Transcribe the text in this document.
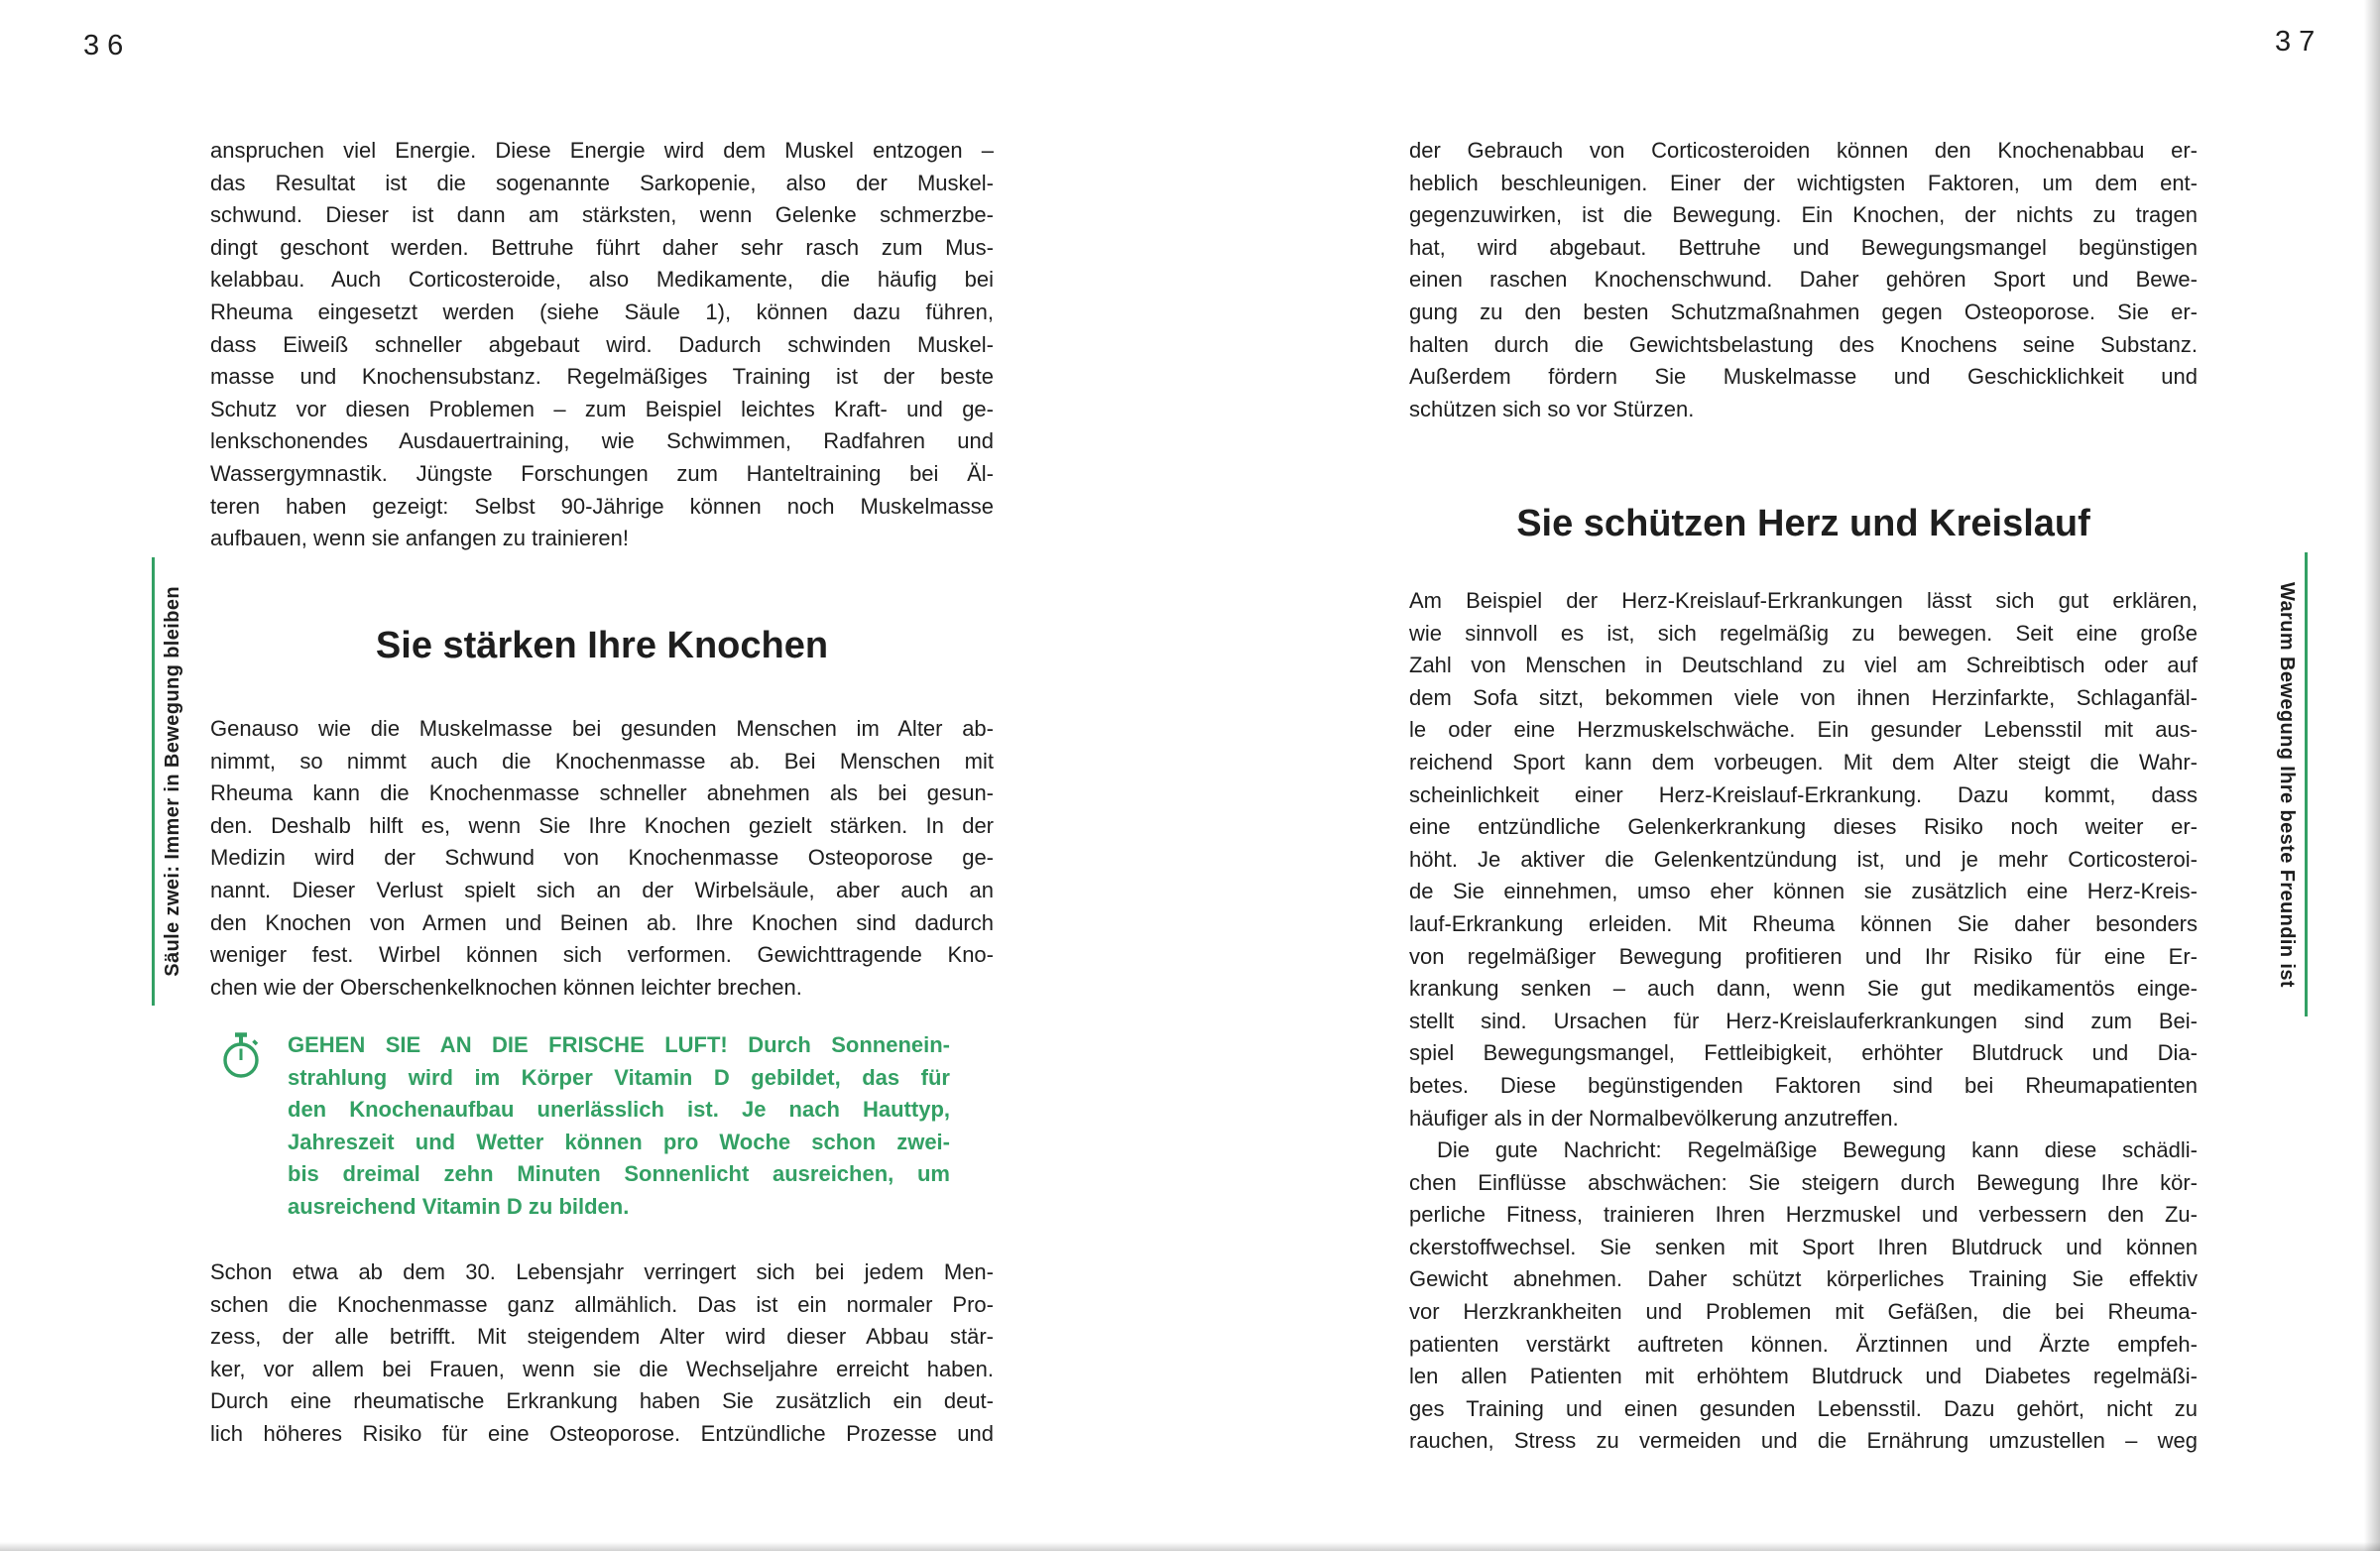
36
Säule zwei: Immer in Bewegung bleiben
anspruchen viel Energie. Diese Energie wird dem Muskel entzogen –
das Resultat ist die sogenannte Sarkopenie, also der Muskel-
schwund. Dieser ist dann am stärksten, wenn Gelenke schmerzbe-
dingt geschont werden. Bettruhe führt daher sehr rasch zum Mus-
kelabbau. Auch Corticosteroide, also Medikamente, die häufig bei
Rheuma eingesetzt werden (siehe Säule 1), können dazu führen,
dass Eiweiß schneller abgebaut wird. Dadurch schwinden Muskel-
masse und Knochensubstanz. Regelmäßiges Training ist der beste
Schutz vor diesen Problemen – zum Beispiel leichtes Kraft- und ge-
lenkschonendes Ausdauertraining, wie Schwimmen, Radfahren und
Wassergymnastik. Jüngste Forschungen zum Hanteltraining bei Äl-
teren haben gezeigt: Selbst 90-Jährige können noch Muskelmasse
aufbauen, wenn sie anfangen zu trainieren!
Sie stärken Ihre Knochen
Genauso wie die Muskelmasse bei gesunden Menschen im Alter ab-
nimmt, so nimmt auch die Knochenmasse ab. Bei Menschen mit
Rheuma kann die Knochenmasse schneller abnehmen als bei gesun-
den. Deshalb hilft es, wenn Sie Ihre Knochen gezielt stärken. In der
Medizin wird der Schwund von Knochenmasse Osteoporose ge-
nannt. Dieser Verlust spielt sich an der Wirbelsäule, aber auch an
den Knochen von Armen und Beinen ab. Ihre Knochen sind dadurch
weniger fest. Wirbel können sich verformen. Gewichttragende Kno-
chen wie der Oberschenkelknochen können leichter brechen.
GEHEN SIE AN DIE FRISCHE LUFT! Durch Sonnenein-
strahlung wird im Körper Vitamin D gebildet, das für
den Knochenaufbau unerlässlich ist. Je nach Hauttyp,
Jahreszeit und Wetter können pro Woche schon zwei-
bis dreimal zehn Minuten Sonnenlicht ausreichen, um
ausreichend Vitamin D zu bilden.
Schon etwa ab dem 30. Lebensjahr verringert sich bei jedem Men-
schen die Knochenmasse ganz allmählich. Das ist ein normaler Pro-
zess, der alle betrifft. Mit steigendem Alter wird dieser Abbau stär-
ker, vor allem bei Frauen, wenn sie die Wechseljahre erreicht haben.
Durch eine rheumatische Erkrankung haben Sie zusätzlich ein deut-
lich höheres Risiko für eine Osteoporose. Entzündliche Prozesse und
37
Warum Bewegung Ihre beste Freundin ist
der Gebrauch von Corticosteroiden können den Knochenabbau er-
heblich beschleunigen. Einer der wichtigsten Faktoren, um dem ent-
gegenzuwirken, ist die Bewegung. Ein Knochen, der nichts zu tragen
hat, wird abgebaut. Bettruhe und Bewegungsmangel begünstigen
einen raschen Knochenschwund. Daher gehören Sport und Bewe-
gung zu den besten Schutzmaßnahmen gegen Osteoporose. Sie er-
halten durch die Gewichtsbelastung des Knochens seine Substanz.
Außerdem fördern Sie Muskelmasse und Geschicklichkeit und
schützen sich so vor Stürzen.
Sie schützen Herz und Kreislauf
Am Beispiel der Herz-Kreislauf-Erkrankungen lässt sich gut erklären,
wie sinnvoll es ist, sich regelmäßig zu bewegen. Seit eine große
Zahl von Menschen in Deutschland zu viel am Schreibtisch oder auf
dem Sofa sitzt, bekommen viele von ihnen Herzinfarkte, Schlaganfäl-
le oder eine Herzmuskelschwäche. Ein gesunder Lebensstil mit aus-
reichend Sport kann dem vorbeugen. Mit dem Alter steigt die Wahr-
scheinlichkeit einer Herz-Kreislauf-Erkrankung. Dazu kommt, dass
eine entzündliche Gelenkerkrankung dieses Risiko noch weiter er-
höht. Je aktiver die Gelenkentzündung ist, und je mehr Corticosteroi-
de Sie einnehmen, umso eher können sie zusätzlich eine Herz-Kreis-
lauf-Erkrankung erleiden. Mit Rheuma können Sie daher besonders
von regelmäßiger Bewegung profitieren und Ihr Risiko für eine Er-
krankung senken – auch dann, wenn Sie gut medikamentös einge-
stellt sind. Ursachen für Herz-Kreislauferkrankungen sind zum Bei-
spiel Bewegungsmangel, Fettleibigkeit, erhöhter Blutdruck und Dia-
betes. Diese begünstigenden Faktoren sind bei Rheumapatienten
häufiger als in der Normalbevölkerung anzutreffen.
Die gute Nachricht: Regelmäßige Bewegung kann diese schädli-
chen Einflüsse abschwächen: Sie steigern durch Bewegung Ihre kör-
perliche Fitness, trainieren Ihren Herzmuskel und verbessern den Zu-
ckerstoffwechsel. Sie senken mit Sport Ihren Blutdruck und können
Gewicht abnehmen. Daher schützt körperliches Training Sie effektiv
vor Herzkrankheiten und Problemen mit Gefäßen, die bei Rheuma-
patienten verstärkt auftreten können. Ärztinnen und Ärzte empfeh-
len allen Patienten mit erhöhtem Blutdruck und Diabetes regelmäßi-
ges Training und einen gesunden Lebensstil. Dazu gehört, nicht zu
rauchen, Stress zu vermeiden und die Ernährung umzustellen – weg
